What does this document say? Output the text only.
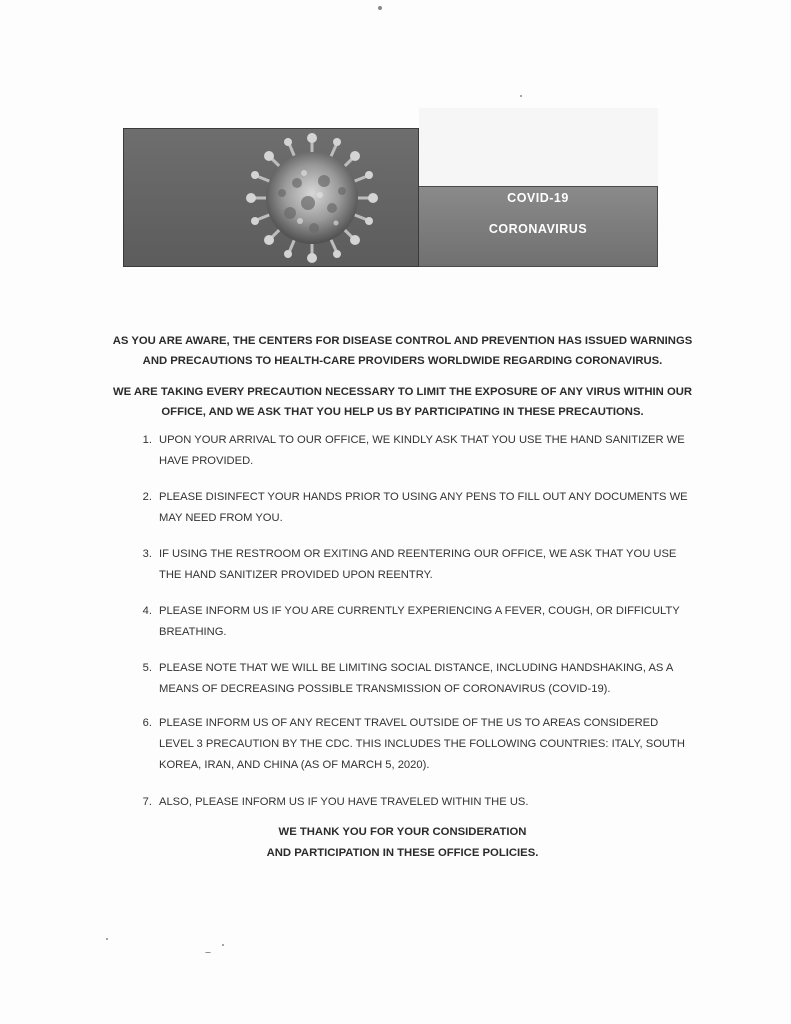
COVID-19
CORONAVIRUS

AS YOU ARE AWARE, THE CENTERS FOR DISEASE CONTROL AND PREVENTION HAS ISSUED WARNINGS AND PRECAUTIONS TO HEALTH-CARE PROVIDERS WORLDWIDE REGARDING CORONAVIRUS.

WE ARE TAKING EVERY PRECAUTION NECESSARY TO LIMIT THE EXPOSURE OF ANY VIRUS WITHIN OUR OFFICE, AND WE ASK THAT YOU HELP US BY PARTICIPATING IN THESE PRECAUTIONS.

1. UPON YOUR ARRIVAL TO OUR OFFICE, WE KINDLY ASK THAT YOU USE THE HAND SANITIZER WE HAVE PROVIDED.
2. PLEASE DISINFECT YOUR HANDS PRIOR TO USING ANY PENS TO FILL OUT ANY DOCUMENTS WE MAY NEED FROM YOU.
3. IF USING THE RESTROOM OR EXITING AND REENTERING OUR OFFICE, WE ASK THAT YOU USE THE HAND SANITIZER PROVIDED UPON REENTRY.
4. PLEASE INFORM US IF YOU ARE CURRENTLY EXPERIENCING A FEVER, COUGH, OR DIFFICULTY BREATHING.
5. PLEASE NOTE THAT WE WILL BE LIMITING SOCIAL DISTANCE, INCLUDING HANDSHAKING, AS A MEANS OF DECREASING POSSIBLE TRANSMISSION OF CORONAVIRUS (COVID-19).
6. PLEASE INFORM US OF ANY RECENT TRAVEL OUTSIDE OF THE US TO AREAS CONSIDERED LEVEL 3 PRECAUTION BY THE CDC. THIS INCLUDES THE FOLLOWING COUNTRIES: ITALY, SOUTH KOREA, IRAN, AND CHINA (AS OF MARCH 5, 2020).
7. ALSO, PLEASE INFORM US IF YOU HAVE TRAVELED WITHIN THE US.
WE THANK YOU FOR YOUR CONSIDERATION
AND PARTICIPATION IN THESE OFFICE POLICIES.
